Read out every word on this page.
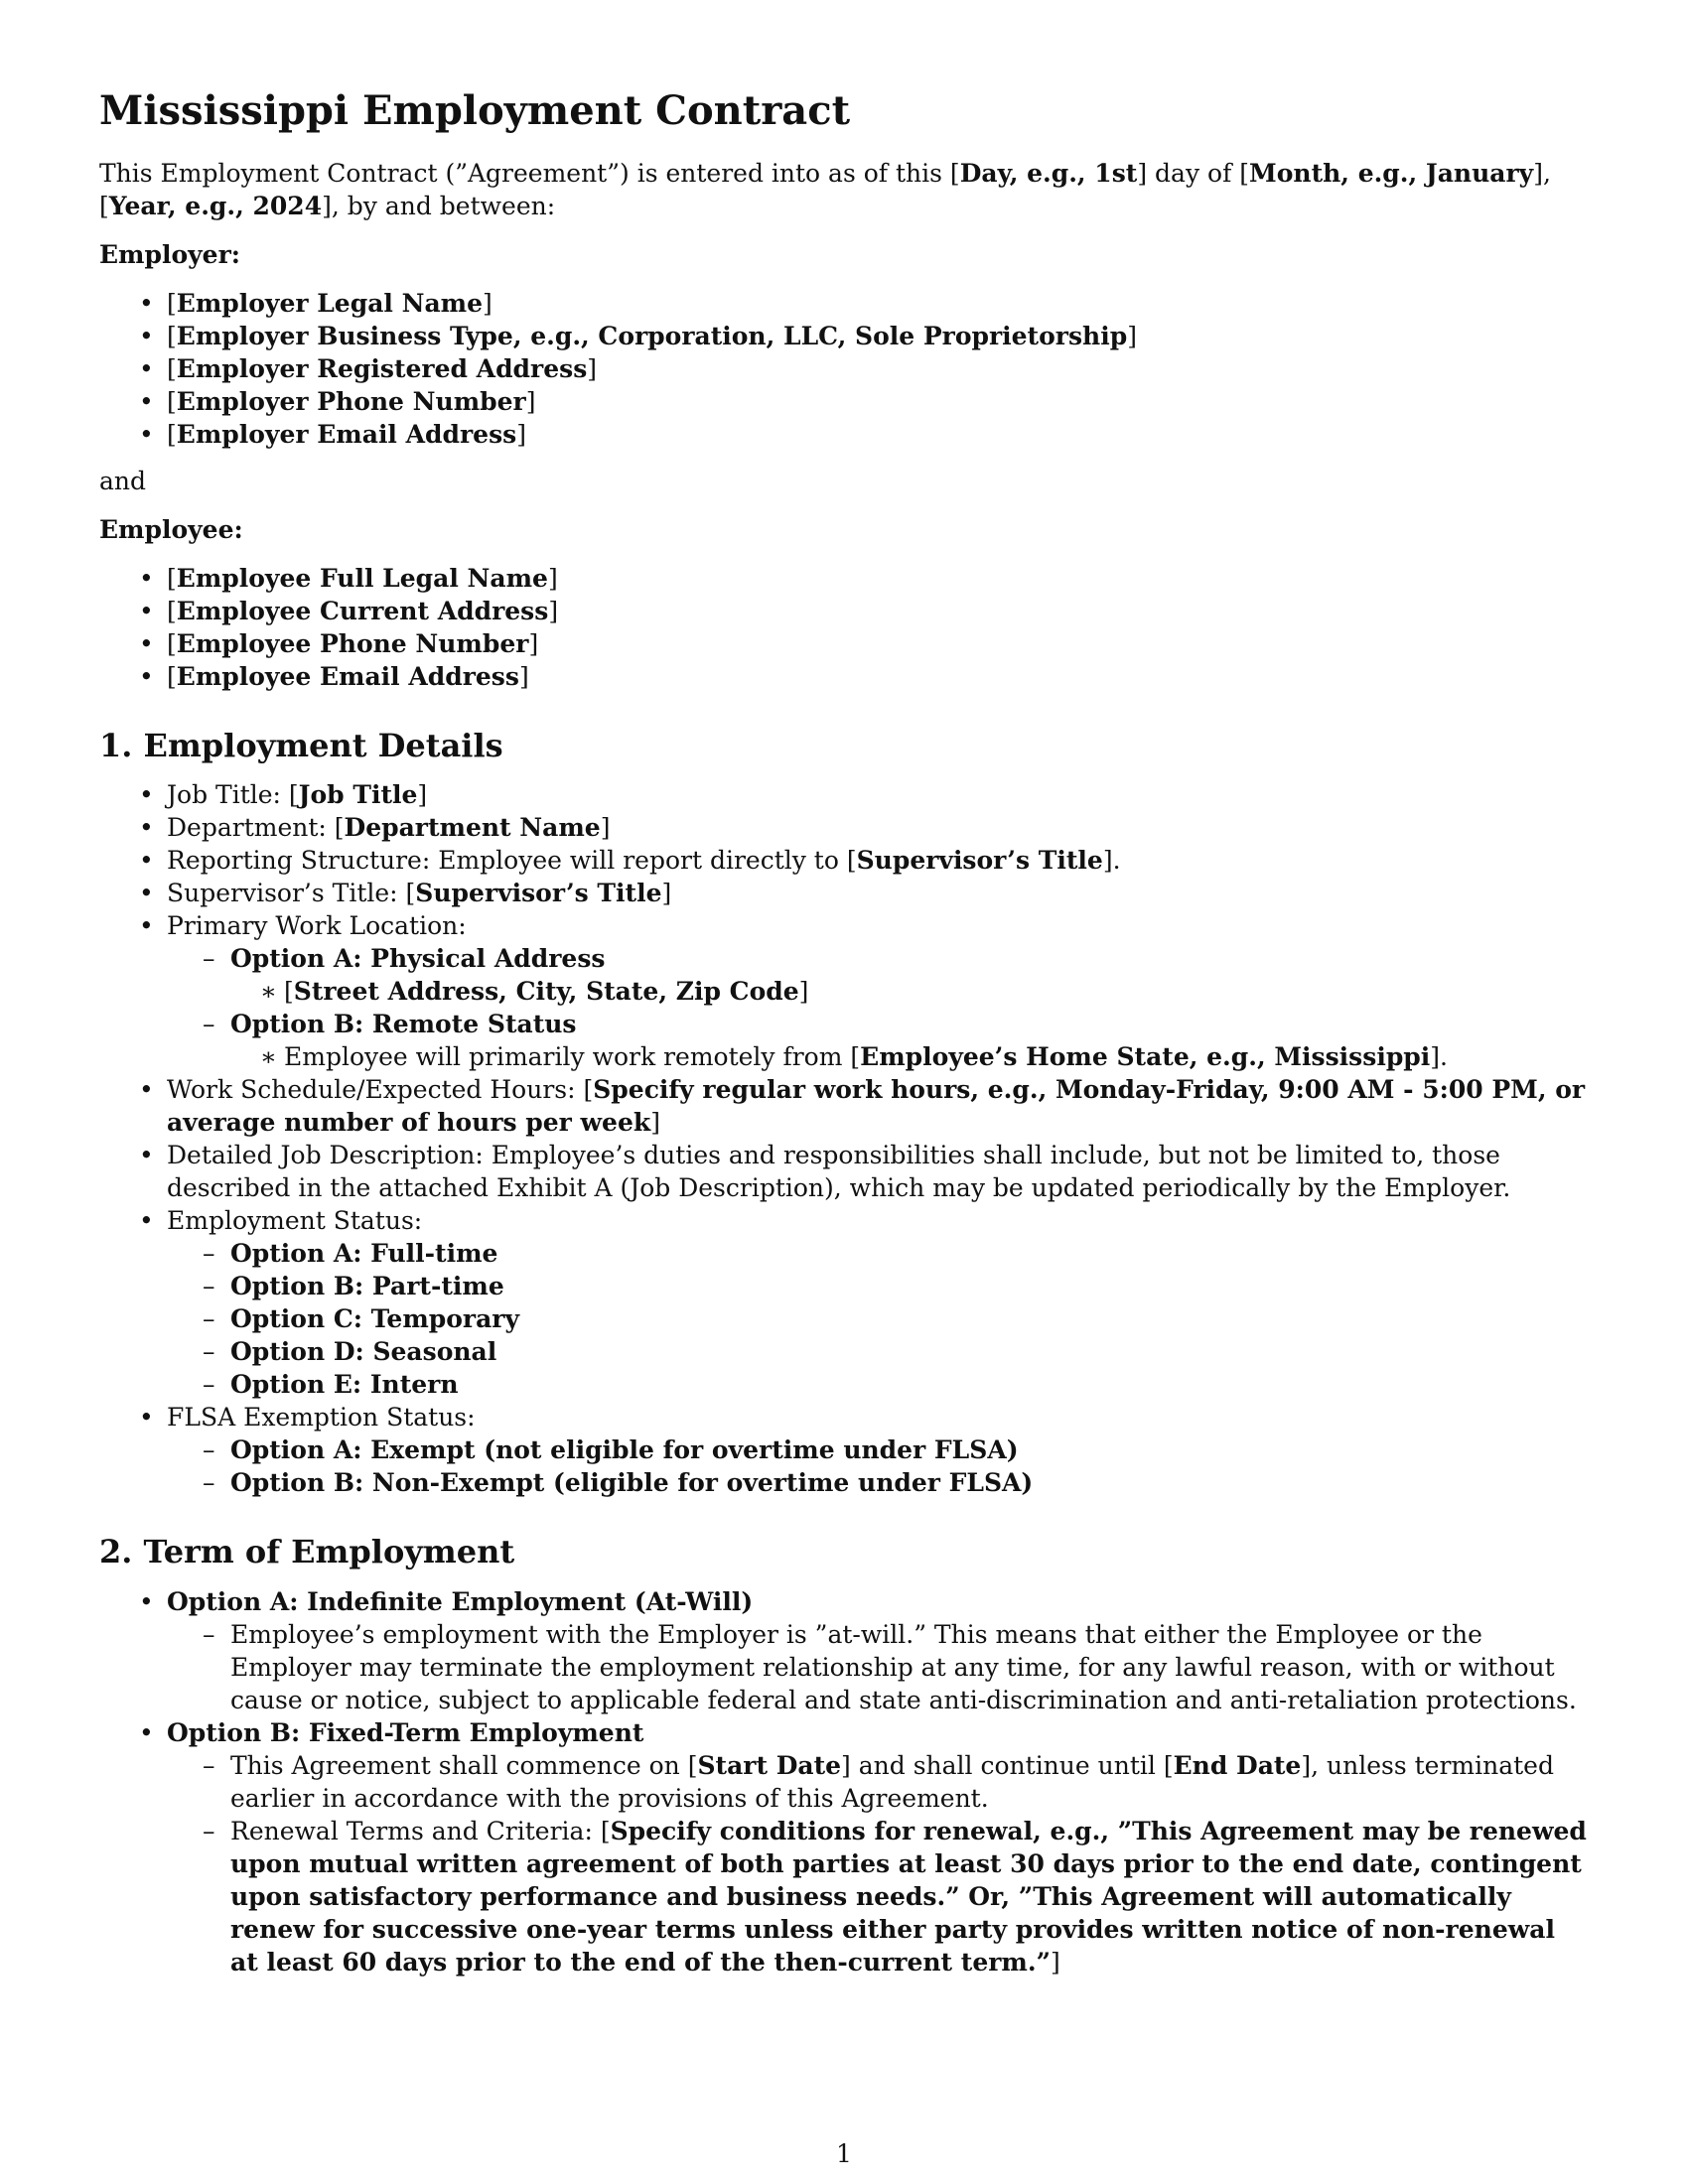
Mississippi Employment Contract

This Employment Contract (”Agreement”) is entered into as of this [Day, e.g., 1st] day of [Month, e.g., January], [Year, e.g., 2024], by and between:

Employer:

• [Employer Legal Name]
• [Employer Business Type, e.g., Corporation, LLC, Sole Proprietorship]
• [Employer Registered Address]
• [Employer Phone Number]
• [Employer Email Address]

and

Employee:

• [Employee Full Legal Name]
• [Employee Current Address]
• [Employee Phone Number]
• [Employee Email Address]
1. Employment Details
• Job Title: [Job Title]
• Department: [Department Name]
• Reporting Structure: Employee will report directly to [Supervisor’s Title].
• Supervisor’s Title: [Supervisor’s Title]
• Primary Work Location:
– Option A: Physical Address
∗ [Street Address, City, State, Zip Code]
– Option B: Remote Status
∗ Employee will primarily work remotely from [Employee’s Home State, e.g., Mississippi].
• Work Schedule/Expected Hours: [Specify regular work hours, e.g., Monday-Friday, 9:00 AM - 5:00 PM, or average number of hours per week]
• Detailed Job Description: Employee’s duties and responsibilities shall include, but not be limited to, those described in the attached Exhibit A (Job Description), which may be updated periodically by the Employer.
• Employment Status:
– Option A: Full-time
– Option B: Part-time
– Option C: Temporary
– Option D: Seasonal
– Option E: Intern
• FLSA Exemption Status:
– Option A: Exempt (not eligible for overtime under FLSA)
– Option B: Non-Exempt (eligible for overtime under FLSA)
2. Term of Employment
• Option A: Indefinite Employment (At-Will)
– Employee’s employment with the Employer is ”at-will.” This means that either the Employee or the Employer may terminate the employment relationship at any time, for any lawful reason, with or without cause or notice, subject to applicable federal and state anti-discrimination and anti-retaliation protections.
• Option B: Fixed-Term Employment
– This Agreement shall commence on [Start Date] and shall continue until [End Date], unless terminated earlier in accordance with the provisions of this Agreement.
– Renewal Terms and Criteria: [Specify conditions for renewal, e.g., ”This Agreement may be renewed upon mutual written agreement of both parties at least 30 days prior to the end date, contingent upon satisfactory performance and business needs.” Or, ”This Agreement will automatically renew for successive one-year terms unless either party provides written notice of non-renewal at least 60 days prior to the end of the then-current term.”]
1
